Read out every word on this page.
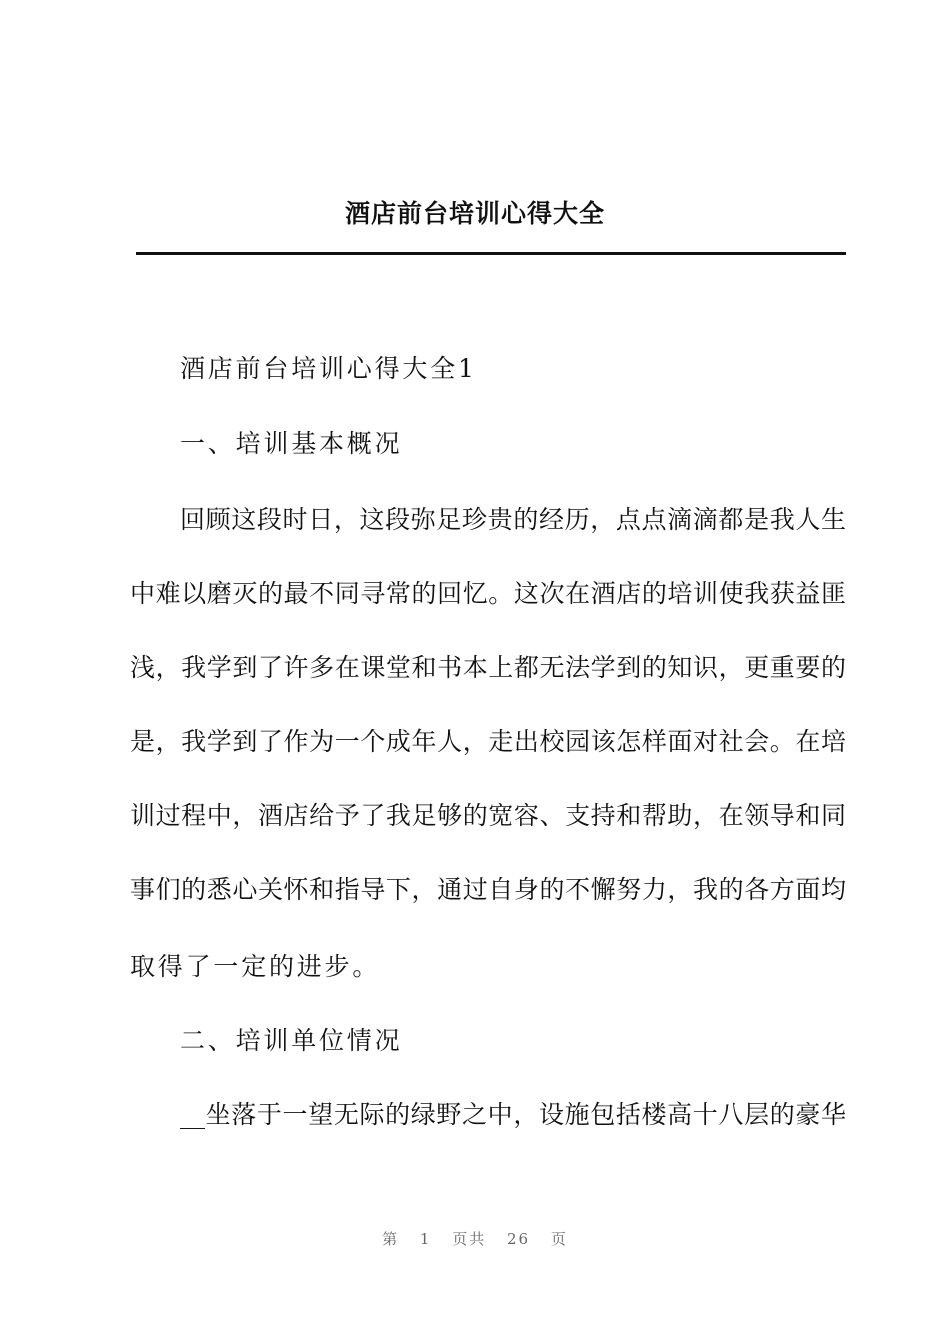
酒店前台培训心得大全
酒店前台培训心得大全1
一、培训基本概况
回顾这段时日，这段弥足珍贵的经历，点点滴滴都是我人生
中难以磨灭的最不同寻常的回忆。这次在酒店的培训使我获益匪
浅，我学到了许多在课堂和书本上都无法学到的知识，更重要的
是，我学到了作为一个成年人，走出校园该怎样面对社会。在培
训过程中，酒店给予了我足够的宽容、支持和帮助，在领导和同
事们的悉心关怀和指导下，通过自身的不懈努力，我的各方面均
取得了一定的进步。
二、培训单位情况
__坐落于一望无际的绿野之中，设施包括楼高十八层的豪华
第 1 页共 26 页
